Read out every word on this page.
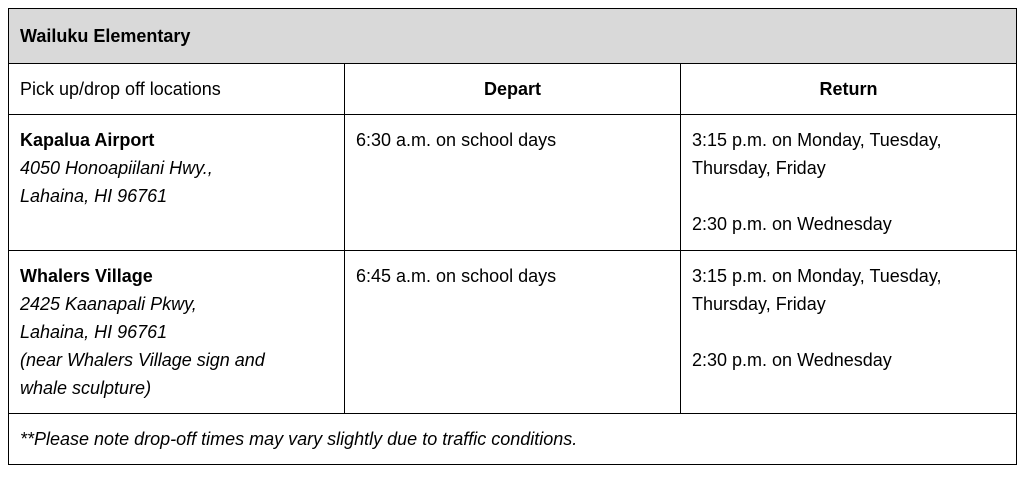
Wailuku Elementary		
Pick up/drop off locations	Depart	Return

Kapalua Airport
4050 Honoapiilani Hwy.,
Lahaina, HI 96761	6:30 a.m. on school days	3:15 p.m. on Monday, Tuesday,
Thursday, Friday
2:30 p.m. on Wednesday

Whalers Village
2425 Kaanapali Pkwy,
Lahaina, HI 96761
(near Whalers Village sign and
whale sculpture)	6:45 a.m. on school days	3:15 p.m. on Monday, Tuesday,
Thursday, Friday
2:30 p.m. on Wednesday

**Please note drop-off times may vary slightly due to traffic conditions.		
